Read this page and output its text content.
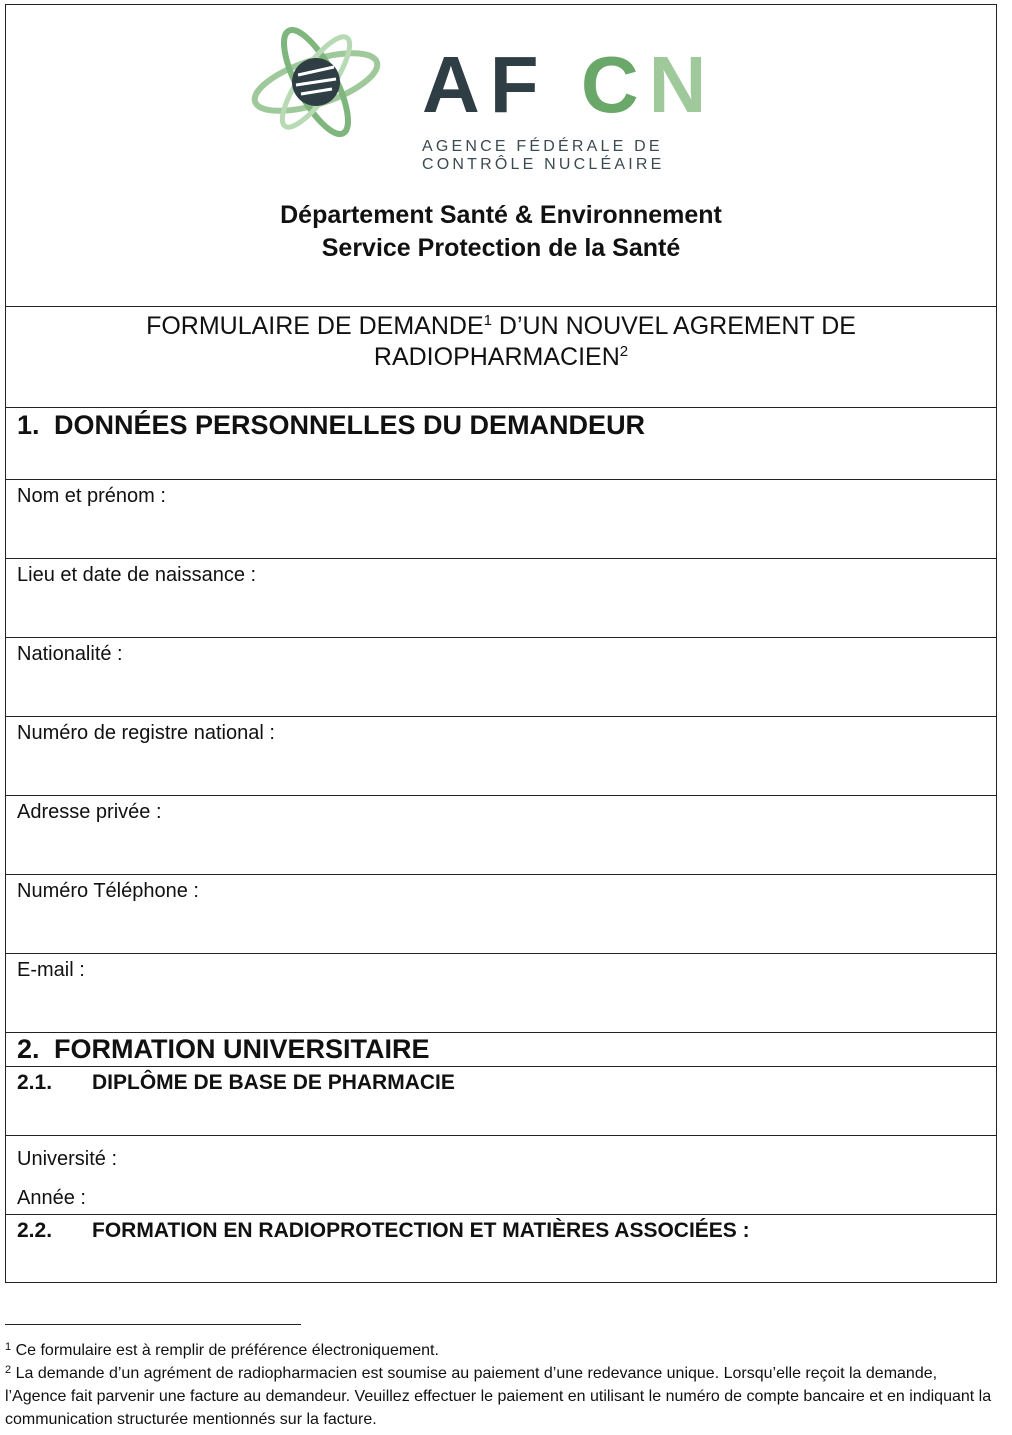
AF CN
AGENCE FÉDÉRALE DE
CONTRÔLE NUCLÉAIRE
Département Santé & Environnement
Service Protection de la Santé
FORMULAIRE DE DEMANDE$^1$ D’UN NOUVEL AGREMENT DE
RADIOPHARMACIEN$^2$
1. DONNÉES PERSONNELLES DU DEMANDEUR
Nom et prénom :
Lieu et date de naissance :
Nationalité :
Numéro de registre national :
Adresse privée :
Numéro Téléphone :
E-mail :
2. FORMATION UNIVERSITAIRE
2.1. DIPLÔME DE BASE DE PHARMACIE
Université :
Année :
2.2. FORMATION EN RADIOPROTECTION ET MATIÈRES ASSOCIÉES :
$^1$ Ce formulaire est à remplir de préférence électroniquement.
$^2$ La demande d’un agrément de radiopharmacien est soumise au paiement d’une redevance unique. Lorsqu’elle reçoit la demande, l’Agence fait parvenir une facture au demandeur. Veuillez effectuer le paiement en utilisant le numéro de compte bancaire et en indiquant la communication structurée mentionnés sur la facture.
